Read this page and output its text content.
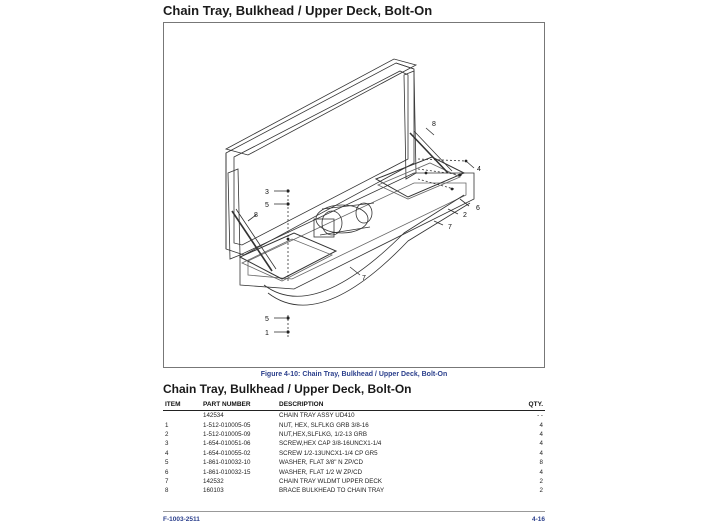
Chain Tray, Bulkhead / Upper Deck, Bolt-On
8
4
6
2
7
3
5
8
7
5
1
Figure 4-10: Chain Tray, Bulkhead / Upper Deck, Bolt-On
Chain Tray, Bulkhead / Upper Deck, Bolt-On
ITEM	PART NUMBER	DESCRIPTION	QTY.
	142534	CHAIN TRAY ASSY UD410	- -
1	1-512-010005-05	NUT, HEX, SLFLKG GRB 3/8-16	4
2	1-512-010005-09	NUT,HEX,SLFLKG, 1/2-13 GRB	4
3	1-654-010051-06	SCREW,HEX CAP 3/8-16UNCX1-1/4	4
4	1-654-010055-02	SCREW 1/2-13UNCX1-1/4 CP GR5	4
5	1-861-010032-10	WASHER, FLAT 3/8" N ZP/CD	8
6	1-861-010032-15	WASHER, FLAT 1/2 W ZP/CD	4
7	142532	CHAIN TRAY WLDMT UPPER DECK	2
8	160103	BRACE BULKHEAD TO CHAIN TRAY	2
F-1003-2511	4-16
